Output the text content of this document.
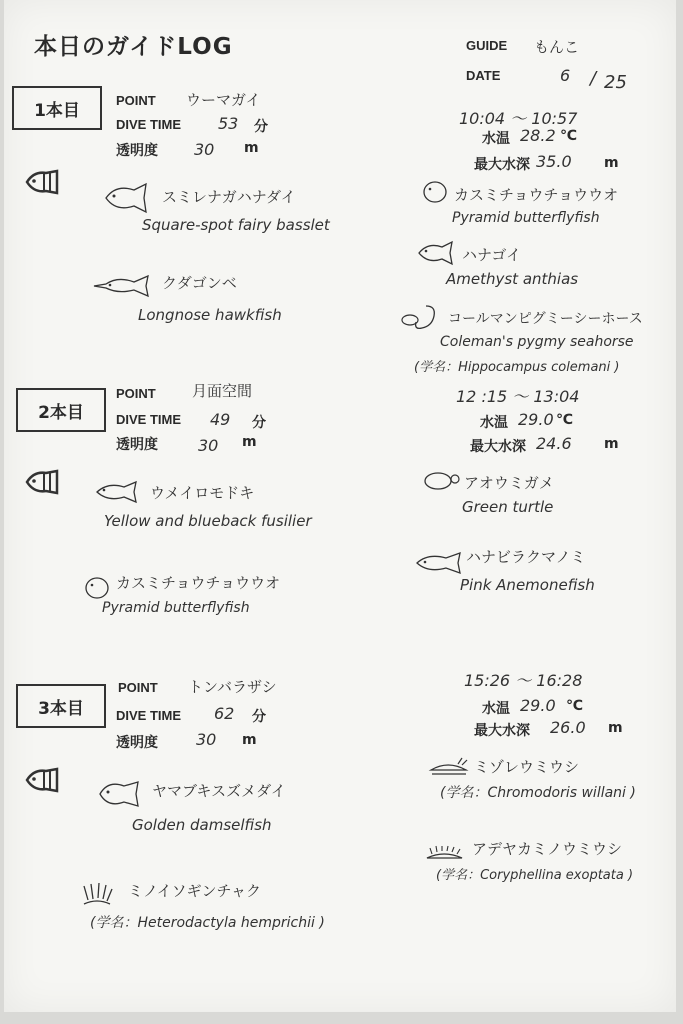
本日のガイドLOG	GUIDE もんこ
DATE	6 / 25
1本目	POINT ウーマガイ
DIVE TIME 53 分
透明度 30 m
10:04 ～ 10:57
水温 28.2 ℃
最大水深 35.0 m
スミレナガハナダイ
Square-spot fairy basslet
クダゴンベ
Longnose hawkfish
カスミチョウチョウウオ
Pyramid butterflyfish
ハナゴイ
Amethyst anthias
コールマンピグミーシーホース
Coleman's pygmy seahorse
(学名：Hippocampus colemani )
2本目
POINT 月面空間
DIVE TIME 49 分
透明度	30 m
12 :15 ～ 13:04
水温 29.0 ℃
最大水深 24.6 m
ウメイロモドキ
Yellow and blueback fusilier
カスミチョウチョウウオ
Pyramid butterflyfish
アオウミガメ
Green turtle
ハナビラクマノミ
Pink Anemonefish
3本目
POINT トンバラザシ
DIVE TIME 62 分
透明度 30 m
15:26 ～ 16:28
水温 29.0 ℃
最大水深 26.0 m
ヤマブキスズメダイ
Golden damselfish
ミノイソギンチャク
(学名：Heterodactyla hemprichii )
ミゾレウミウシ
(学名：Chromodoris willani )
アデヤカミノウミウシ
(学名：Coryphellina exoptata )
